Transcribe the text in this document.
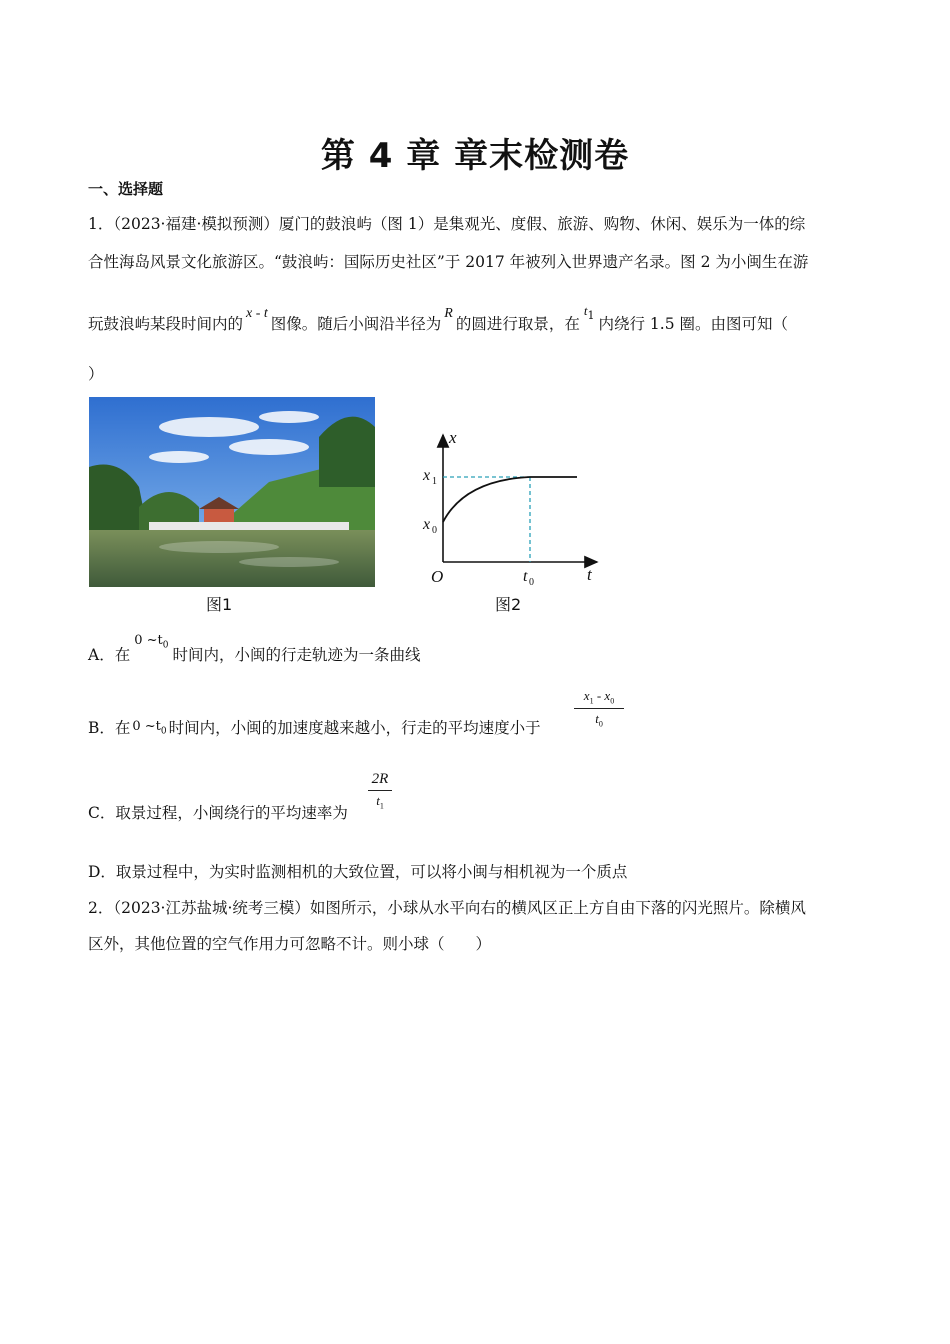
第 4 章 章末检测卷
一、选择题
1．（2023·福建·模拟预测）厦门的鼓浪屿（图 1）是集观光、度假、旅游、购物、休闲、娱乐为一体的综
合性海岛风景文化旅游区。“鼓浪屿：国际历史社区”于 2017 年被列入世界遗产名录。图 2 为小闽生在游
玩鼓浪屿某段时间内的x - t图像。随后小闽沿半径为R的圆进行取景，在$t_1$ 内绕行 1.5 圈。由图可知（
）
图1
x
t
O
x 1
x 0
t 0
图2
A．在$^{0 \sim t_0}$时间内，小闽的行走轨迹为一条曲线
B．在 0 $\sim t_0$ 时间内，小闽的加速度越来越小，行走的平均速度小于
$x_1 - x_0$
$t_0$
C．取景过程，小闽绕行的平均速率为
2R
$t_1$
D．取景过程中，为实时监测相机的大致位置，可以将小闽与相机视为一个质点
2．（2023·江苏盐城·统考三模）如图所示，小球从水平向右的横风区正上方自由下落的闪光照片。除横风
区外，其他位置的空气作用力可忽略不计。则小球（　　）
